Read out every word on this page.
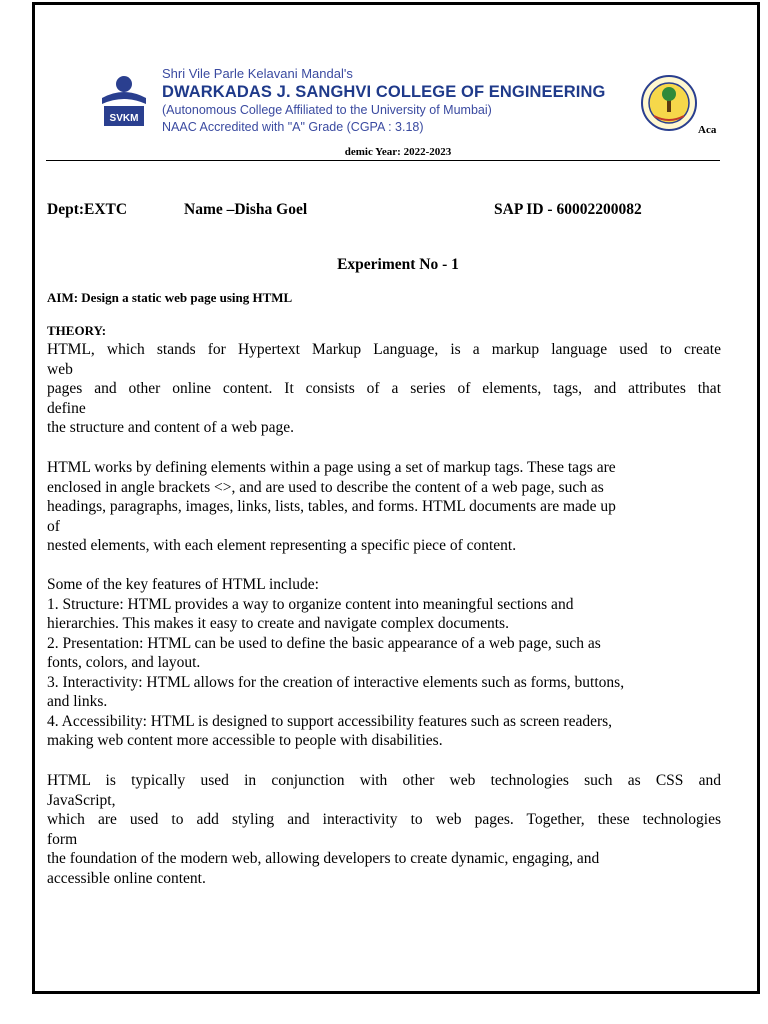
SVKM
Shri Vile Parle Kelavani Mandal's
DWARKADAS J. SANGHVI COLLEGE OF ENGINEERING
(Autonomous College Affiliated to the University of Mumbai)
NAAC Accredited with "A" Grade (CGPA : 3.18)	Aca
demic Year: 2022-2023
Dept:EXTC	Name –Disha Goel	SAP ID - 60002200082
Experiment No - 1
AIM: Design a static web page using HTML
THEORY:
HTML, which stands for Hypertext Markup Language, is a markup language used to create
web
pages and other online content. It consists of a series of elements, tags, and attributes that
define
the structure and content of a web page.
HTML works by defining elements within a page using a set of markup tags. These tags are
enclosed in angle brackets <>, and are used to describe the content of a web page, such as
headings, paragraphs, images, links, lists, tables, and forms. HTML documents are made up
of
nested elements, with each element representing a specific piece of content.
Some of the key features of HTML include:
1. Structure: HTML provides a way to organize content into meaningful sections and
hierarchies. This makes it easy to create and navigate complex documents.
2. Presentation: HTML can be used to define the basic appearance of a web page, such as
fonts, colors, and layout.
3. Interactivity: HTML allows for the creation of interactive elements such as forms, buttons,
and links.
4. Accessibility: HTML is designed to support accessibility features such as screen readers,
making web content more accessible to people with disabilities.
HTML is typically used in conjunction with other web technologies such as CSS and
JavaScript,
which are used to add styling and interactivity to web pages. Together, these technologies
form
the foundation of the modern web, allowing developers to create dynamic, engaging, and
accessible online content.
